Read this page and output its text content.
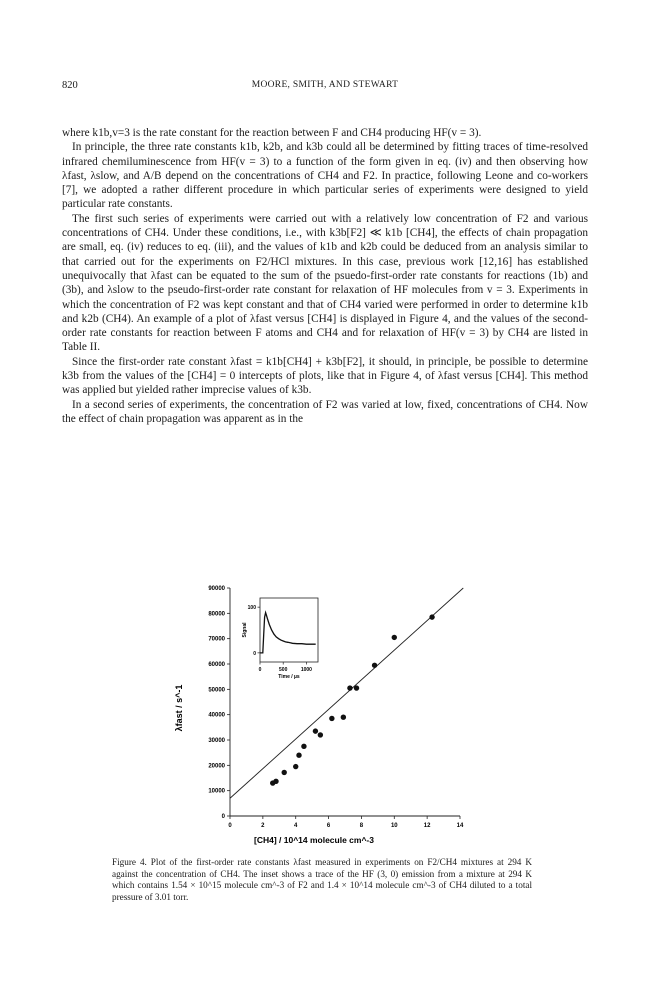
820	MOORE, SMITH, AND STEWART

where k1b,v=3 is the rate constant for the reaction between F and CH4 producing HF(v = 3).

In principle, the three rate constants k1b, k2b, and k3b could all be determined by fitting traces of time-resolved infrared chemiluminescence from HF(v = 3) to a function of the form given in eq. (iv) and then observing how λfast, λslow, and A/B depend on the concentrations of CH4 and F2. In practice, following Leone and co-workers [7], we adopted a rather different procedure in which particular series of experiments were designed to yield particular rate constants.

The first such series of experiments were carried out with a relatively low concentration of F2 and various concentrations of CH4. Under these conditions, i.e., with k3b[F2] ≪ k1b [CH4], the effects of chain propagation are small, eq. (iv) reduces to eq. (iii), and the values of k1b and k2b could be deduced from an analysis similar to that carried out for the experiments on F2/HCl mixtures. In this case, previous work [12,16] has established unequivocally that λfast can be equated to the sum of the psuedo-first-order rate constants for reactions (1b) and (3b), and λslow to the pseudo-first-order rate constant for relaxation of HF molecules from v = 3. Experiments in which the concentration of F2 was kept constant and that of CH4 varied were performed in order to determine k1b and k2b (CH4). An example of a plot of λfast versus [CH4] is displayed in Figure 4, and the values of the second-order rate constants for reaction between F atoms and CH4 and for relaxation of HF(v = 3) by CH4 are listed in Table II.

Since the first-order rate constant λfast = k1b[CH4] + k3b[F2], it should, in principle, be possible to determine k3b from the values of the [CH4] = 0 intercepts of plots, like that in Figure 4, of λfast versus [CH4]. This method was applied but yielded rather imprecise values of k3b.

In a second series of experiments, the concentration of F2 was varied at low, fixed, concentrations of CH4. Now the effect of chain propagation was apparent as in the

0	2	4	6	8	10	12	14
0
10000
20000
30000
40000
50000
60000
70000
80000
90000
0	500	1000
0
100
Time / µs
Signal
[CH4] / 10^14 molecule cm^-3
λfast / s^-1
Figure 4. Plot of the first-order rate constants λfast measured in experiments on F2/CH4 mixtures at 294 K against the concentration of CH4. The inset shows a trace of the HF (3, 0) emission from a mixture at 294 K which contains 1.54 × 10^15 molecule cm^-3 of F2 and 1.4 × 10^14 molecule cm^-3 of CH4 diluted to a total pressure of 3.01 torr.
